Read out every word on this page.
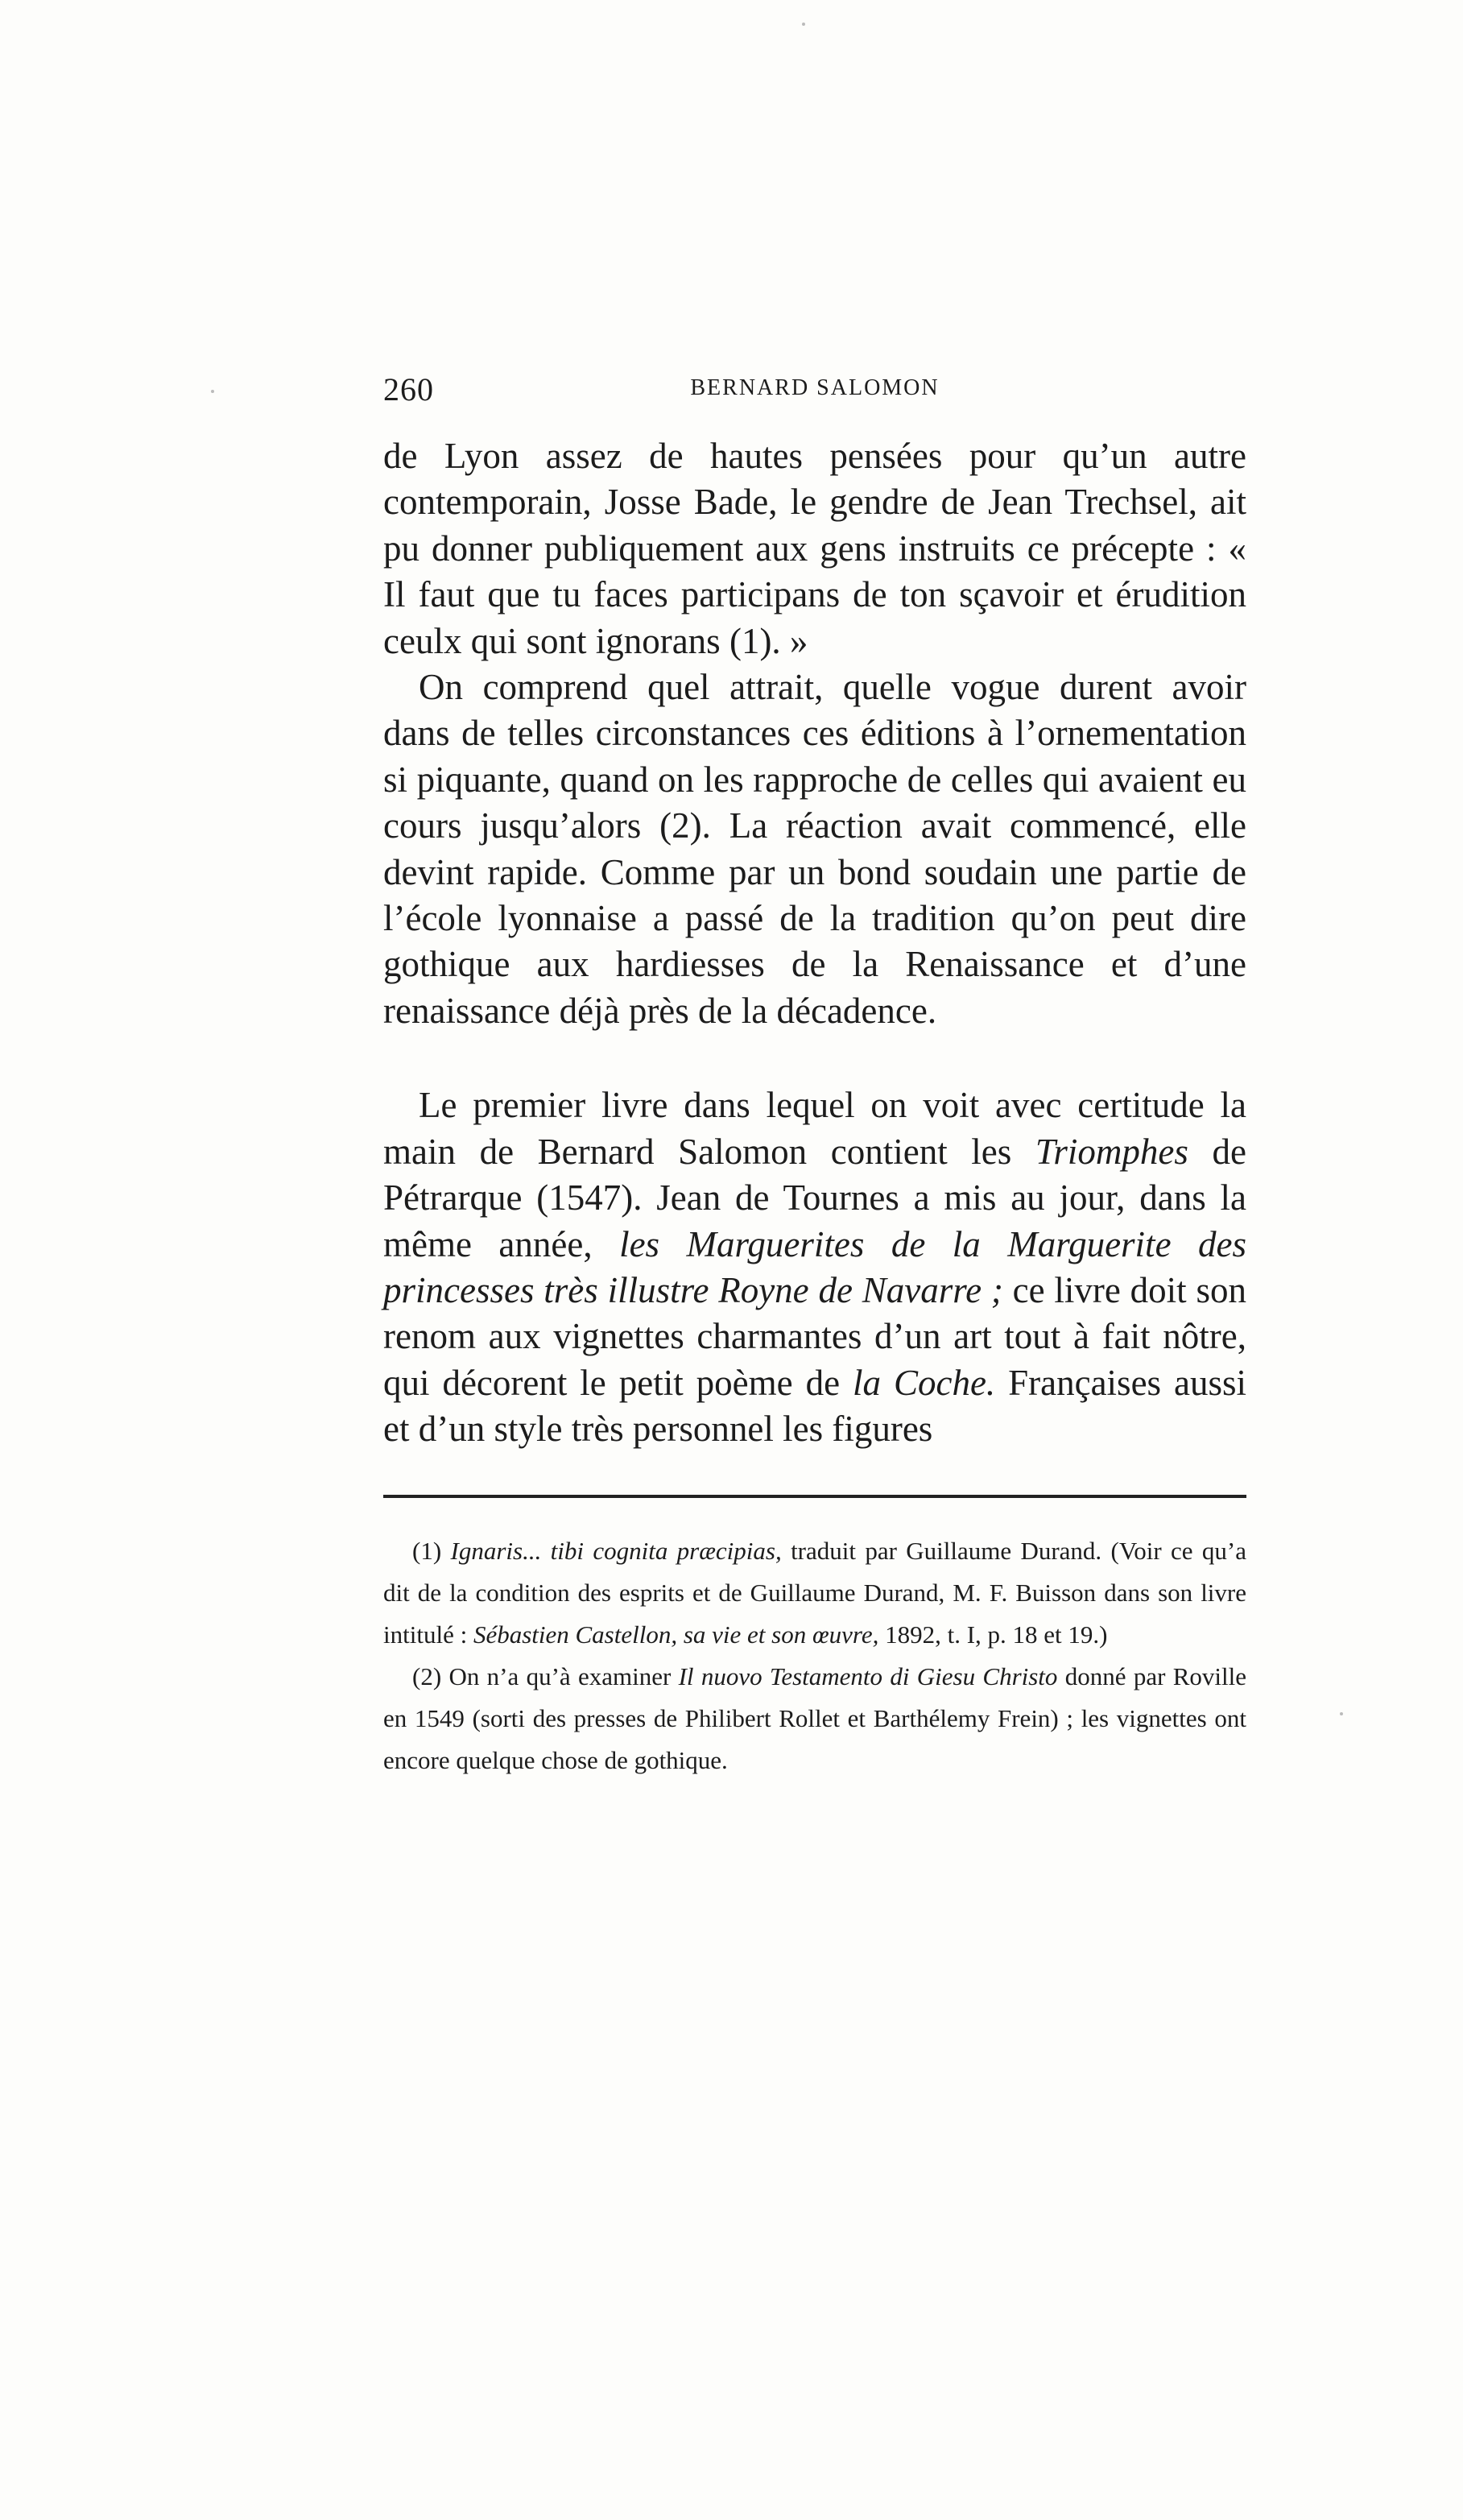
260	BERNARD SALOMON

de Lyon assez de hautes pensées pour qu’un autre contemporain, Josse Bade, le gendre de Jean Trechsel, ait pu donner publiquement aux gens instruits ce précepte : « Il faut que tu faces participans de ton sçavoir et érudition ceulx qui sont ignorans (1). »

On comprend quel attrait, quelle vogue durent avoir dans de telles circonstances ces éditions à l’ornementation si piquante, quand on les rapproche de celles qui avaient eu cours jusqu’alors (2). La réaction avait commencé, elle devint rapide. Comme par un bond soudain une partie de l’école lyonnaise a passé de la tradition qu’on peut dire gothique aux hardiesses de la Renaissance et d’une renaissance déjà près de la décadence.

Le premier livre dans lequel on voit avec certitude la main de Bernard Salomon contient les Triomphes de Pétrarque (1547). Jean de Tournes a mis au jour, dans la même année, les Marguerites de la Marguerite des princesses très illustre Royne de Navarre ; ce livre doit son renom aux vignettes charmantes d’un art tout à fait nôtre, qui décorent le petit poème de la Coche. Françaises aussi et d’un style très personnel les figures

(1) Ignaris... tibi cognita præcipias, traduit par Guillaume Durand. (Voir ce qu’a dit de la condition des esprits et de Guillaume Durand, M. F. Buisson dans son livre intitulé : Sébastien Castellon, sa vie et son œuvre, 1892, t. I, p. 18 et 19.)

(2) On n’a qu’à examiner Il nuovo Testamento di Giesu Christo donné par Roville en 1549 (sorti des presses de Philibert Rollet et Barthélemy Frein) ; les vignettes ont encore quelque chose de gothique.
